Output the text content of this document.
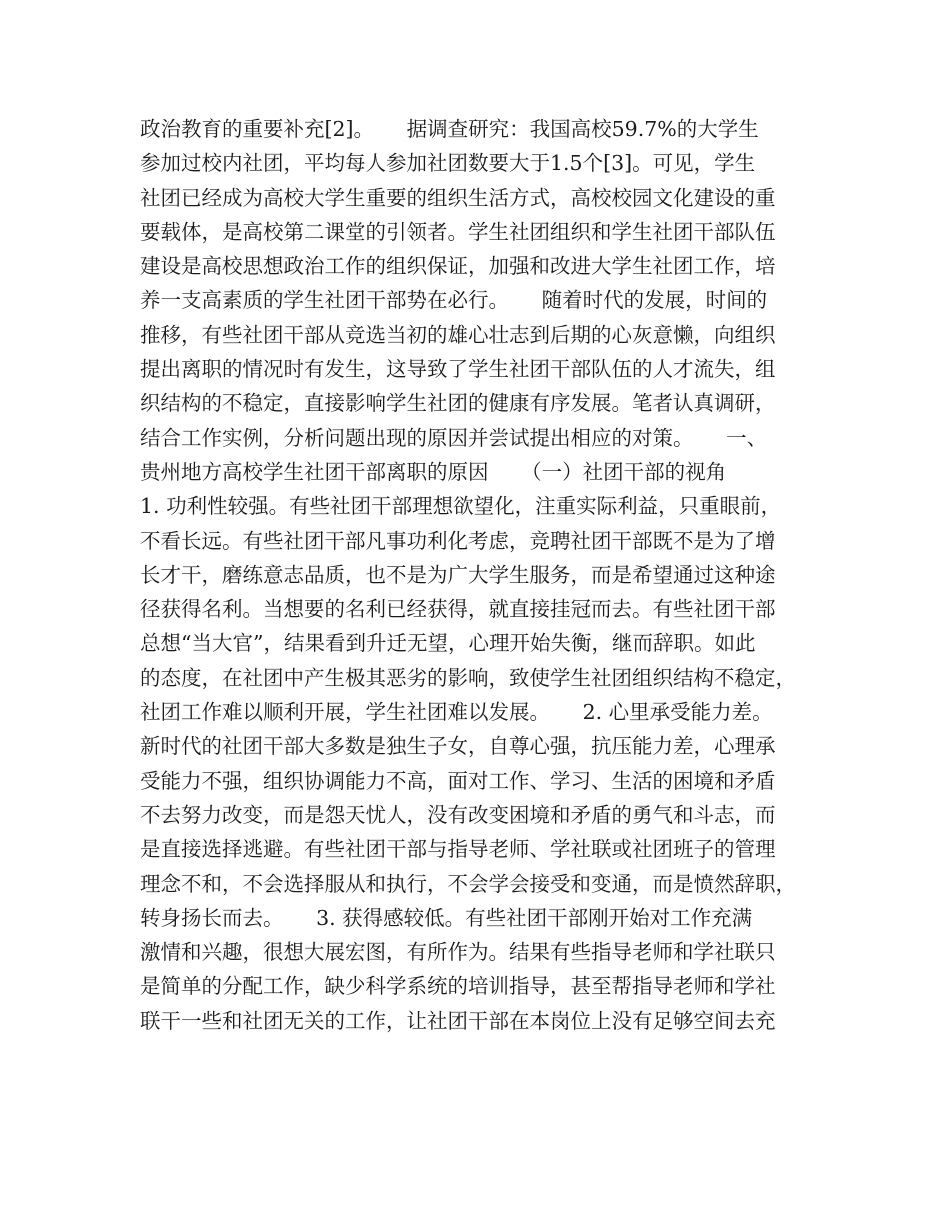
政治教育的重要补充[2]。     据调查研究：我国高校59.7%的大学生
参加过校内社团，平均每人参加社团数要大于1.5个[3]。可见，学生
社团已经成为高校大学生重要的组织生活方式，高校校园文化建设的重
要载体，是高校第二课堂的引领者。学生社团组织和学生社团干部队伍
建设是高校思想政治工作的组织保证，加强和改进大学生社团工作，培
养一支高素质的学生社团干部势在必行。     随着时代的发展，时间的
推移，有些社团干部从竞选当初的雄心壮志到后期的心灰意懒，向组织
提出离职的情况时有发生，这导致了学生社团干部队伍的人才流失，组
织结构的不稳定，直接影响学生社团的健康有序发展。笔者认真调研，
结合工作实例，分析问题出现的原因并尝试提出相应的对策。     一、
贵州地方高校学生社团干部离职的原因     （一）社团干部的视角
1. 功利性较强。有些社团干部理想欲望化，注重实际利益，只重眼前，
不看长远。有些社团干部凡事功利化考虑，竞聘社团干部既不是为了增
长才干，磨练意志品质，也不是为广大学生服务，而是希望通过这种途
径获得名利。当想要的名利已经获得，就直接挂冠而去。有些社团干部
总想“当大官”，结果看到升迁无望，心理开始失衡，继而辞职。如此
的态度，在社团中产生极其恶劣的影响，致使学生社团组织结构不稳定，
社团工作难以顺利开展，学生社团难以发展。     2. 心里承受能力差。
新时代的社团干部大多数是独生子女，自尊心强，抗压能力差，心理承
受能力不强，组织协调能力不高，面对工作、学习、生活的困境和矛盾
不去努力改变，而是怨天忧人，没有改变困境和矛盾的勇气和斗志，而
是直接选择逃避。有些社团干部与指导老师、学社联或社团班子的管理
理念不和，不会选择服从和执行，不会学会接受和变通，而是愤然辞职，
转身扬长而去。     3. 获得感较低。有些社团干部刚开始对工作充满
激情和兴趣，很想大展宏图，有所作为。结果有些指导老师和学社联只
是简单的分配工作，缺少科学系统的培训指导，甚至帮指导老师和学社
联干一些和社团无关的工作，让社团干部在本岗位上没有足够空间去充
